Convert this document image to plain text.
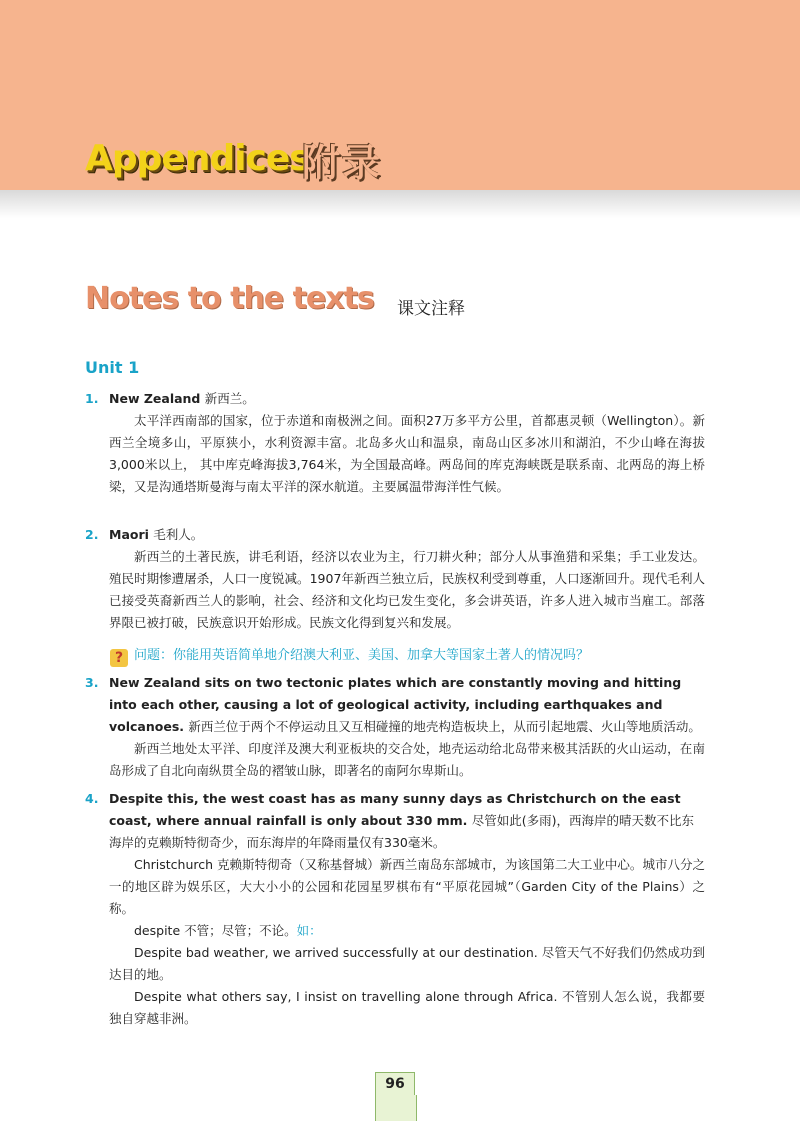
Appendices
附录
Notes to the texts 课文注释
Unit 1
1. New Zealand 新西兰。

太平洋西南部的国家，位于赤道和南极洲之间。面积27万多平方公里，首都惠灵顿（Wellington）。新西兰全境多山，平原狭小，水利资源丰富。北岛多火山和温泉，南岛山区多冰川和湖泊，不少山峰在海拔3,000米以上， 其中库克峰海拔3,764米，为全国最高峰。两岛间的库克海峡既是联系南、北两岛的海上桥梁，又是沟通塔斯曼海与南太平洋的深水航道。主要属温带海洋性气候。

2. Maori 毛利人。

新西兰的土著民族，讲毛利语，经济以农业为主，行刀耕火种；部分人从事渔猎和采集；手工业发达。殖民时期惨遭屠杀，人口一度锐减。1907年新西兰独立后，民族权利受到尊重，人口逐渐回升。现代毛利人已接受英裔新西兰人的影响，社会、经济和文化均已发生变化，多会讲英语，许多人进入城市当雇工。部落界限已被打破，民族意识开始形成。民族文化得到复兴和发展。

? 问题：你能用英语简单地介绍澳大利亚、美国、加拿大等国家土著人的情况吗？
3. New Zealand sits on two tectonic plates which are constantly moving and hitting into each other, causing a lot of geological activity, including earthquakes and volcanoes. 新西兰位于两个不停运动且又互相碰撞的地壳构造板块上，从而引起地震、火山等地质活动。

新西兰地处太平洋、印度洋及澳大利亚板块的交合处，地壳运动给北岛带来极其活跃的火山运动，在南岛形成了自北向南纵贯全岛的褶皱山脉，即著名的南阿尔卑斯山。

4. Despite this, the west coast has as many sunny days as Christchurch on the east coast, where annual rainfall is only about 330 mm. 尽管如此(多雨)，西海岸的晴天数不比东海岸的克赖斯特彻奇少，而东海岸的年降雨量仅有330毫米。

Christchurch 克赖斯特彻奇（又称基督城）新西兰南岛东部城市，为该国第二大工业中心。城市八分之一的地区辟为娱乐区，大大小小的公园和花园星罗棋布有“平原花园城”（Garden City of the Plains）之称。

despite 不管；尽管；不论。如：

Despite bad weather, we arrived successfully at our destination. 尽管天气不好我们仍然成功到达目的地。

Despite what others say, I insist on travelling alone through Africa. 不管别人怎么说，我都要独自穿越非洲。

96
